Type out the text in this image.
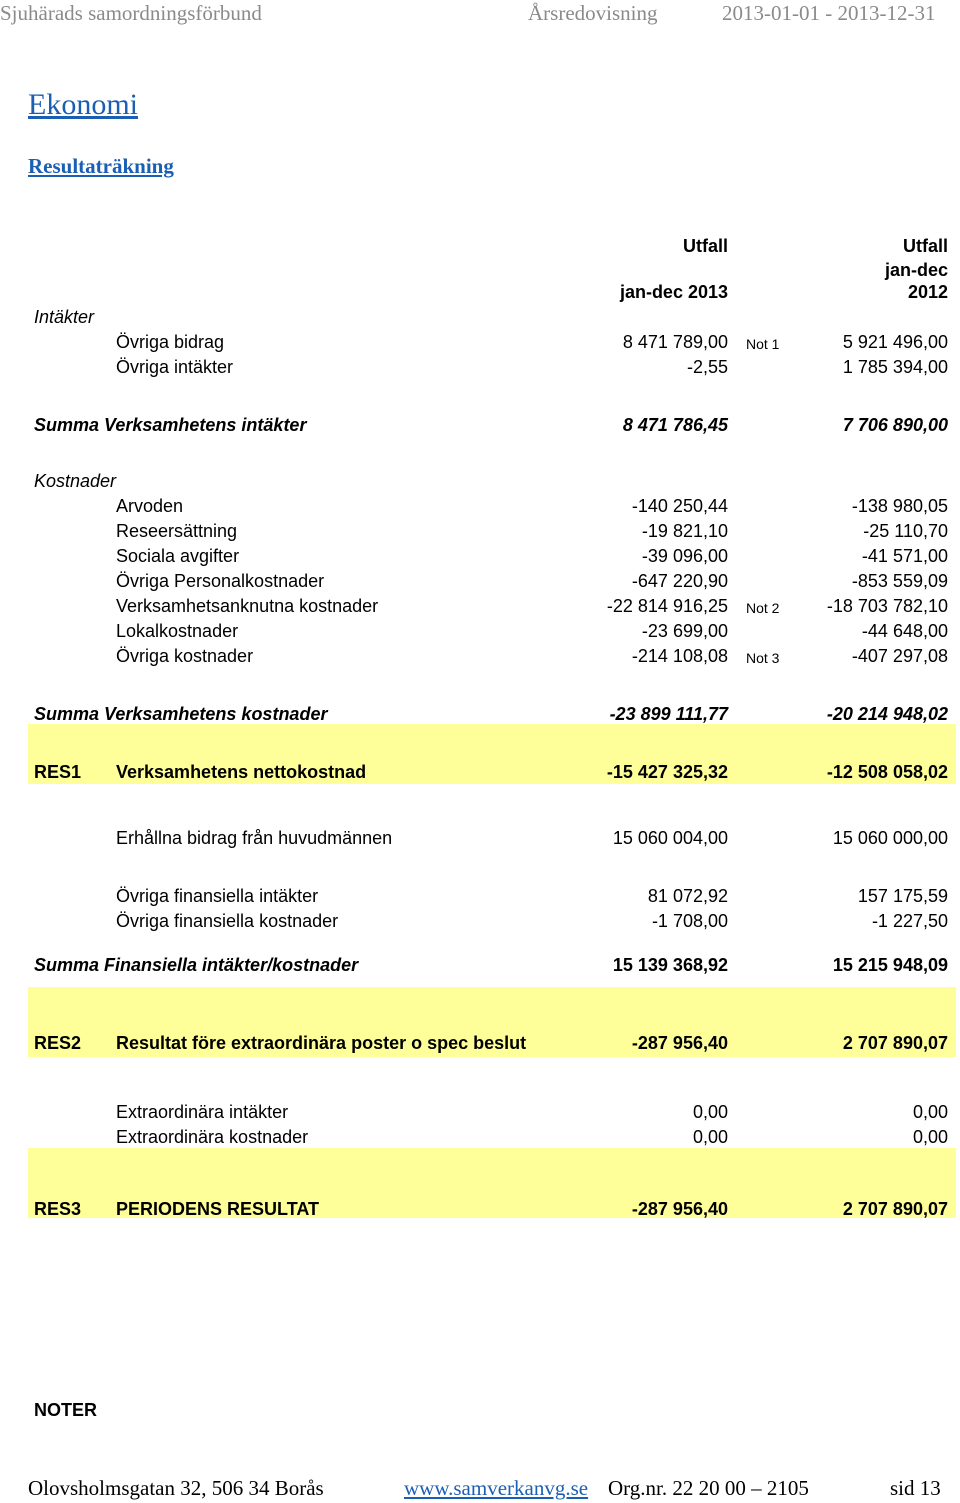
Sjuhärads samordningsförbund	Årsredovisning	2013-01-01 - 2013-12-31
Ekonomi
Resultaträkning
Utfall	Utfall
jan-dec
jan-dec 2013	2012
Intäkter
Övriga bidrag	8 471 789,00 Not 1	5 921 496,00
Övriga intäkter	-2,55	1 785 394,00
Summa Verksamhetens intäkter	8 471 786,45	7 706 890,00
Kostnader
Arvoden	-140 250,44	-138 980,05
Reseersättning	-19 821,10	-25 110,70
Sociala avgifter	-39 096,00	-41 571,00
Övriga Personalkostnader	-647 220,90	-853 559,09
Verksamhetsanknutna kostnader	-22 814 916,25 Not 2	-18 703 782,10
Lokalkostnader	-23 699,00	-44 648,00
Övriga kostnader	-214 108,08 Not 3	-407 297,08
Summa Verksamhetens kostnader	-23 899 111,77	-20 214 948,02
RES1 Verksamhetens nettokostnad	-15 427 325,32	-12 508 058,02
Erhållna bidrag från huvudmännen	15 060 004,00	15 060 000,00
Övriga finansiella intäkter	81 072,92	157 175,59
Övriga finansiella kostnader	-1 708,00	-1 227,50
Summa Finansiella intäkter/kostnader	15 139 368,92	15 215 948,09
RES2 Resultat före extraordinära poster o spec beslut	-287 956,40	2 707 890,07
Extraordinära intäkter	0,00	0,00
Extraordinära kostnader	0,00	0,00
RES3 PERIODENS RESULTAT	-287 956,40	2 707 890,07
NOTER
Olovsholmsgatan 32, 506 34 Borås	www.samverkanvg.se Org.nr. 22 20 00 – 2105	sid 13
